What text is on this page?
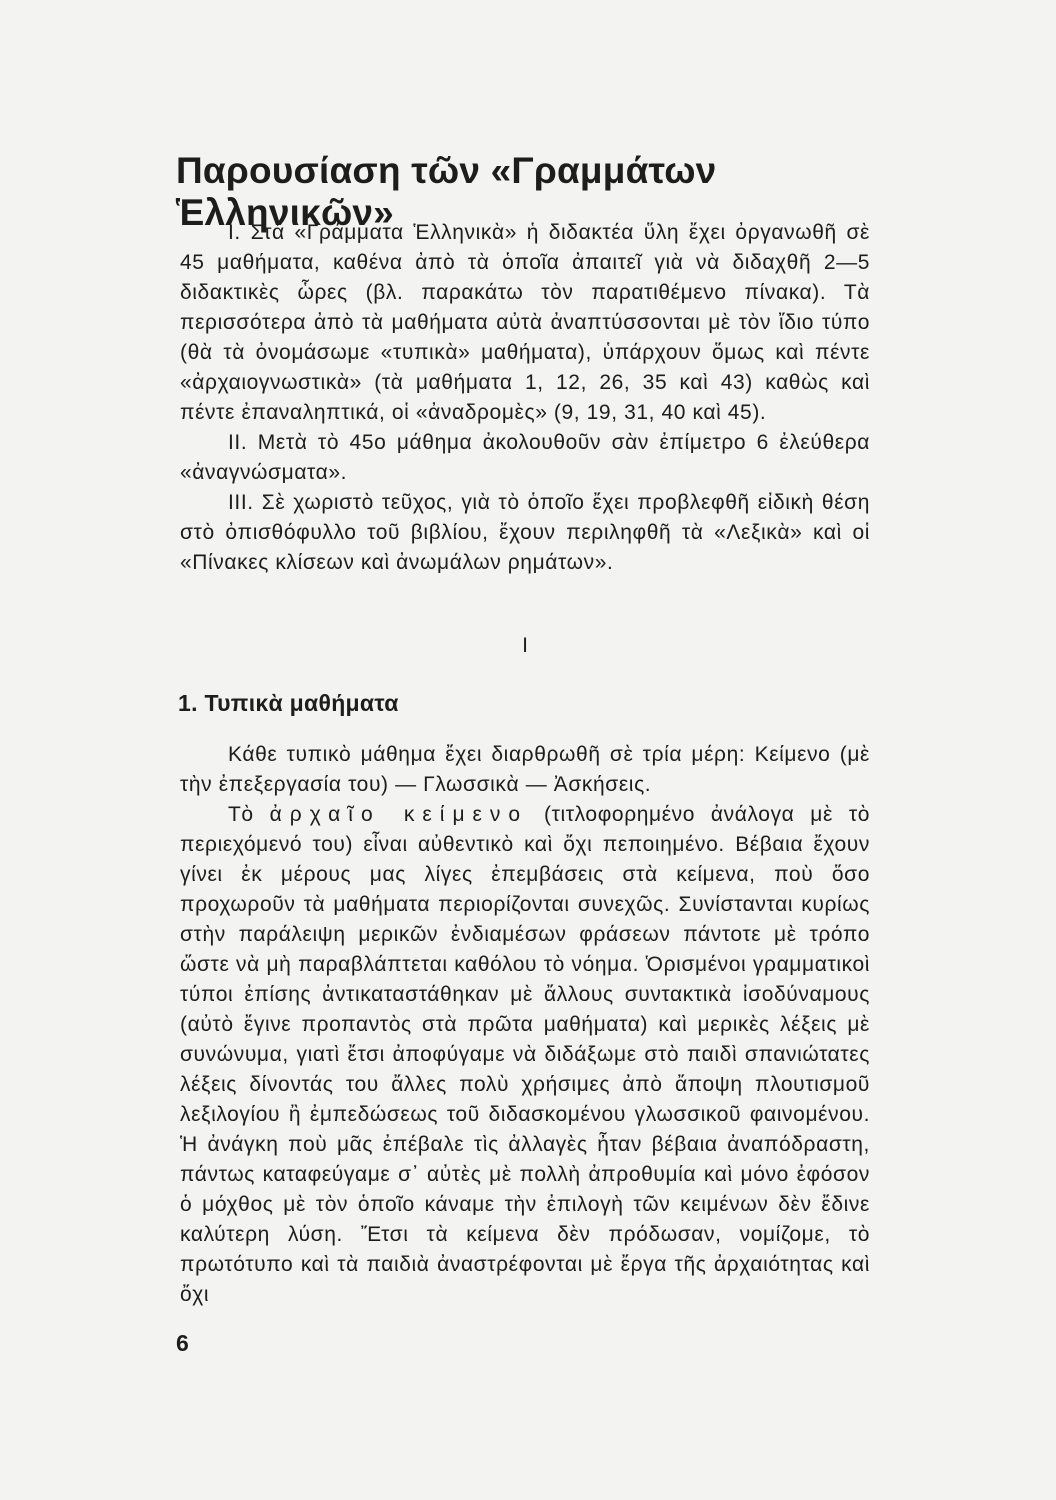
Παρουσίαση τῶν «Γραμμάτων Ἑλληνικῶν»

Ι. Στὰ «Γράμματα Ἑλληνικὰ» ἡ διδακτέα ὕλη ἔχει ὀργανωθῆ σὲ 45 μαθήματα, καθένα ἀπὸ τὰ ὁποῖα ἀπαιτεῖ γιὰ νὰ διδαχθῆ 2—5 διδακτικὲς ὧρες (βλ. παρακάτω τὸν παρατιθέμενο πίνακα). Τὰ περισσότερα ἀπὸ τὰ μαθήματα αὐτὰ ἀναπτύσσονται μὲ τὸν ἴδιο τύπο (θὰ τὰ ὀνομάσωμε «τυπικὰ» μαθήματα), ὑπάρχουν ὅμως καὶ πέντε «ἀρχαιογνωστικὰ» (τὰ μαθήματα 1, 12, 26, 35 καὶ 43) καθὼς καὶ πέντε ἐπαναληπτικά, οἱ «ἀναδρομὲς» (9, 19, 31, 40 καὶ 45).

ΙΙ. Μετὰ τὸ 45ο μάθημα ἀκολουθοῦν σὰν ἐπίμετρο 6 ἐλεύθερα «ἀναγνώσματα».

ΙΙΙ. Σὲ χωριστὸ τεῦχος, γιὰ τὸ ὁποῖο ἔχει προβλεφθῆ εἰδικὴ θέση στὸ ὀπισθόφυλλο τοῦ βιβλίου, ἔχουν περιληφθῆ τὰ «Λεξικὰ» καὶ οἱ «Πίνακες κλίσεων καὶ ἀνωμάλων ρημάτων».

Ι
1. Τυπικὰ μαθήματα

Κάθε τυπικὸ μάθημα ἔχει διαρθρωθῆ σὲ τρία μέρη: Κείμενο (μὲ τὴν ἐπεξεργασία του) — Γλωσσικὰ — Ἀσκήσεις.

Τὸ ἀρχαῖο κείμενο (τιτλοφορημένο ἀνάλογα μὲ τὸ περιεχόμενό του) εἶναι αὐθεντικὸ καὶ ὄχι πεποιημένο. Βέβαια ἔχουν γίνει ἐκ μέρους μας λίγες ἐπεμβάσεις στὰ κείμενα, ποὺ ὅσο προχωροῦν τὰ μαθήματα περιορίζονται συνεχῶς. Συνίστανται κυρίως στὴν παράλειψη μερικῶν ἐνδιαμέσων φράσεων πάντοτε μὲ τρόπο ὥστε νὰ μὴ παραβλάπτεται καθόλου τὸ νόημα. Ὁρισμένοι γραμματικοὶ τύποι ἐπίσης ἀντικαταστάθηκαν μὲ ἄλλους συντακτικὰ ἰσοδύναμους (αὐτὸ ἔγινε προπαντὸς στὰ πρῶτα μαθήματα) καὶ μερικὲς λέξεις μὲ συνώνυμα, γιατὶ ἔτσι ἀποφύγαμε νὰ διδάξωμε στὸ παιδὶ σπανιώτατες λέξεις δίνοντάς του ἄλλες πολὺ χρήσιμες ἀπὸ ἄποψη πλουτισμοῦ λεξιλογίου ἢ ἐμπεδώσεως τοῦ διδασκομένου γλωσσικοῦ φαινομένου. Ἡ ἀνάγκη ποὺ μᾶς ἐπέβαλε τὶς ἀλλαγὲς ἦταν βέβαια ἀναπόδραστη, πάντως καταφεύγαμε σ᾽ αὐτὲς μὲ πολλὴ ἀπροθυμία καὶ μόνο ἐφόσον ὁ μόχθος μὲ τὸν ὁποῖο κάναμε τὴν ἐπιλογὴ τῶν κειμένων δὲν ἔδινε καλύτερη λύση. Ἔτσι τὰ κείμενα δὲν πρόδωσαν, νομίζομε, τὸ πρωτότυπο καὶ τὰ παιδιὰ ἀναστρέφονται μὲ ἔργα τῆς ἀρχαιότητας καὶ ὄχι

6
